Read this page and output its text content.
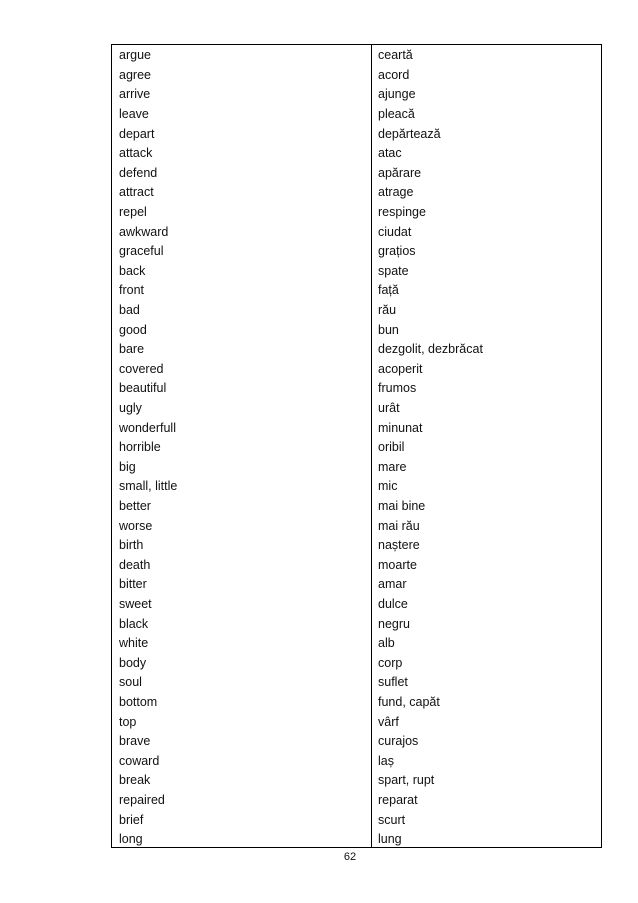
argue	ceartă
agree	acord
arrive	ajunge
leave	pleacă
depart	depărtează
attack	atac
defend	apărare
attract	atrage
repel	respinge
awkward	ciudat
graceful	grațios
back	spate
front	față
bad	rău
good	bun
bare	dezgolit, dezbrăcat
covered	acoperit
beautiful	frumos
ugly	urât
wonderfull	minunat
horrible	oribil
big	mare
small, little	mic
better	mai bine
worse	mai rău
birth	naștere
death	moarte
bitter	amar
sweet	dulce
black	negru
white	alb
body	corp
soul	suflet
bottom	fund, capăt
top	vârf
brave	curajos
coward	laș
break	spart, rupt
repaired	reparat
brief	scurt
long	lung
62
